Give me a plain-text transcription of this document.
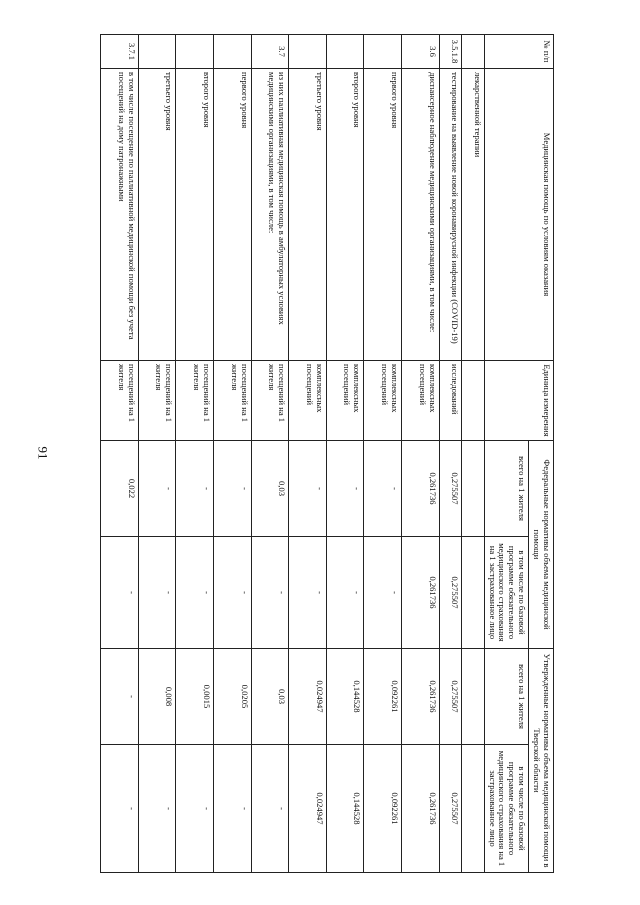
91
№ п/п	Медицинская помощь по условиям оказания	Единица измерения	Федеральные нормативы объема медицинской помощи		Утвержденные нормативы объема медицинской помощи в Тверской области	
			всего на 1 жителя	в том числе по базовой программе обязательного медицинского страхования на 1 застрахованное лицо	всего на 1 жителя	в том числе по базовой программе обязательного медицинского страхования на 1 застрахованное лицо
	лекарственной терапии					
3.5.1.8	тестирование на выявление новой коронавирусной инфекции (COVID-19)	исследований	0,275507	0,275507	0,275507	0,275507
3.6	диспансерное наблюдение медицинскими организациями, в том числе:	комплексных посещений	0,261736	0,261736	0,261736	0,261736
	первого уровня	комплексных посещений	-	-	0,092261	0,092261
	второго уровня	комплексных посещений	-	-	0,144528	0,144528
	третьего уровня	комплексных посещений	-	-	0,024947	0,024947
3.7	из них паллиативная медицинская помощь в амбулаторных условиях медицинскими организациями, в том числе:	посещений на 1 жителя	0,03	-	0,03	-
	первого уровня	посещений на 1 жителя	-	-	0,0205	-
	второго уровня	посещений на 1 жителя	-	-	0,0015	-
	третьего уровня	посещений на 1 жителя	-	-	0,008	-
3.7.1	в том числе посещение по паллиативной медицинской помощи без учета посещений на дому патронажными	посещений на 1 жителя	0,022	-	-	-
